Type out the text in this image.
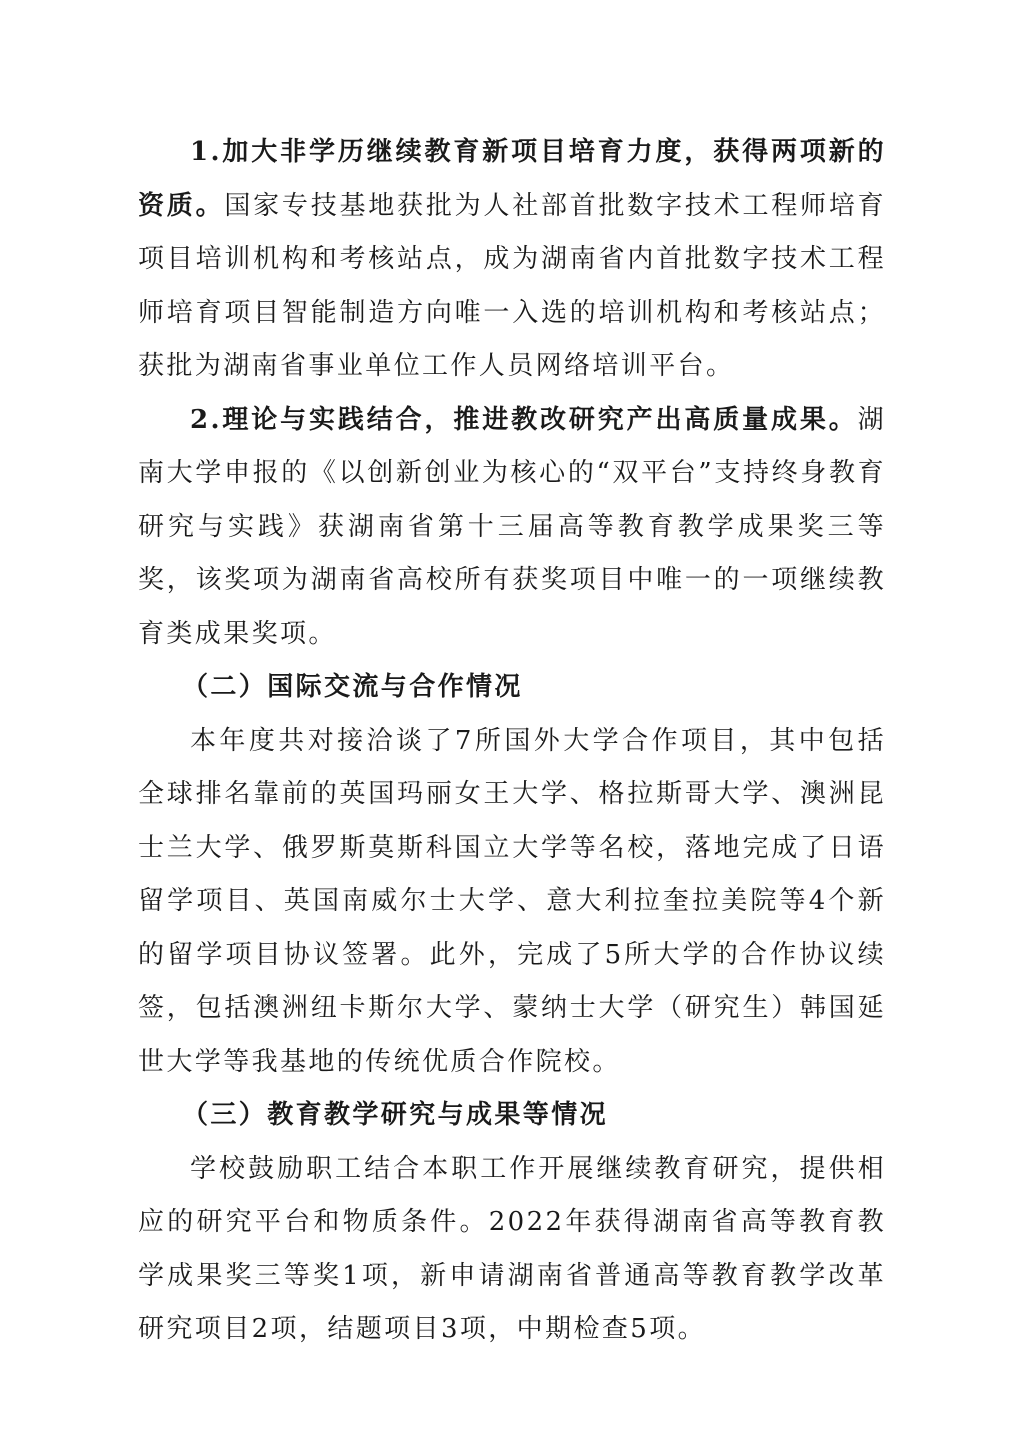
1.加大非学历继续教育新项目培育力度，获得两项新的资质。国家专技基地获批为人社部首批数字技术工程师培育项目培训机构和考核站点，成为湖南省内首批数字技术工程师培育项目智能制造方向唯一入选的培训机构和考核站点；获批为湖南省事业单位工作人员网络培训平台。

2.理论与实践结合，推进教改研究产出高质量成果。湖南大学申报的《以创新创业为核心的“双平台”支持终身教育研究与实践》获湖南省第十三届高等教育教学成果奖三等奖，该奖项为湖南省高校所有获奖项目中唯一的一项继续教育类成果奖项。

（二）国际交流与合作情况

本年度共对接洽谈了7所国外大学合作项目，其中包括全球排名靠前的英国玛丽女王大学、格拉斯哥大学、澳洲昆士兰大学、俄罗斯莫斯科国立大学等名校，落地完成了日语留学项目、英国南威尔士大学、意大利拉奎拉美院等4个新的留学项目协议签署。此外，完成了5所大学的合作协议续签，包括澳洲纽卡斯尔大学、蒙纳士大学（研究生）韩国延世大学等我基地的传统优质合作院校。

（三）教育教学研究与成果等情况

学校鼓励职工结合本职工作开展继续教育研究，提供相应的研究平台和物质条件。2022年获得湖南省高等教育教学成果奖三等奖1项，新申请湖南省普通高等教育教学改革研究项目2项，结题项目3项，中期检查5项。
